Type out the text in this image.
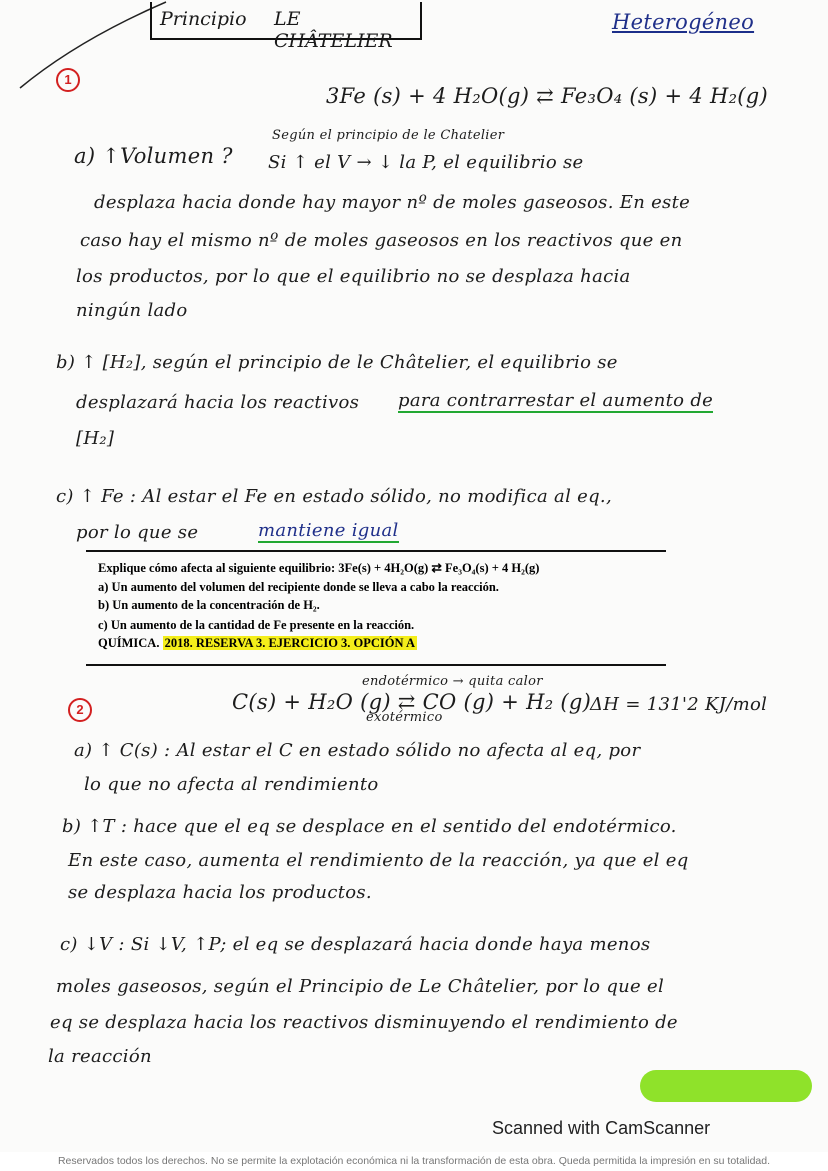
Principio LE CHÂTELIER
Heterogéneo
1
3Fe (s) + 4 H₂O(g) ⇄ Fe₃O₄ (s) + 4 H₂(g)
Según el principio de le Chatelier
a) ↑Volumen ? Si ↑ el V → ↓ la P, el equilibrio se
desplaza hacia donde hay mayor nº de moles gaseosos. En este
caso hay el mismo nº de moles gaseosos en los reactivos que en
los productos, por lo que el equilibrio no se desplaza hacia
ningún lado
b) ↑ [H₂], según el principio de le Châtelier, el equilibrio se
desplazará hacia los reactivos para contrarrestar el aumento de
[H₂]
c) ↑ Fe : Al estar el Fe en estado sólido, no modifica al eq.,
por lo que se	mantiene igual
Explique cómo afecta al siguiente equilibrio: 3Fe(s) + 4H₂O(g) ⇄ Fe₃O₄(s) + 4 H₂(g)
a) Un aumento del volumen del recipiente donde se lleva a cabo la reacción.
b) Un aumento de la concentración de H₂.
c) Un aumento de la cantidad de Fe presente en la reacción.
QUÍMICA. 2018. RESERVA 3. EJERCICIO 3. OPCIÓN A
2
endotérmico → quita calor
C(s) + H₂O (g) ⇄ CO (g) + H₂ (g)
exotérmico
ΔH = 131'2 KJ/mol
a) ↑ C(s) : Al estar el C en estado sólido no afecta al eq, por
lo que no afecta al rendimiento
b) ↑T : hace que el eq se desplace en el sentido del endotérmico.
En este caso, aumenta el rendimiento de la reacción, ya que el eq
se desplaza hacia los productos.
c) ↓V : Si ↓V, ↑P; el eq se desplazará hacia donde haya menos
moles gaseosos, según el Principio de Le Châtelier, por lo que el
eq se desplaza hacia los reactivos disminuyendo el rendimiento de
la reacción
Scanned with CamScanner
Reservados todos los derechos. No se permite la explotación económica ni la transformación de esta obra. Queda permitida la impresión en su totalidad.
